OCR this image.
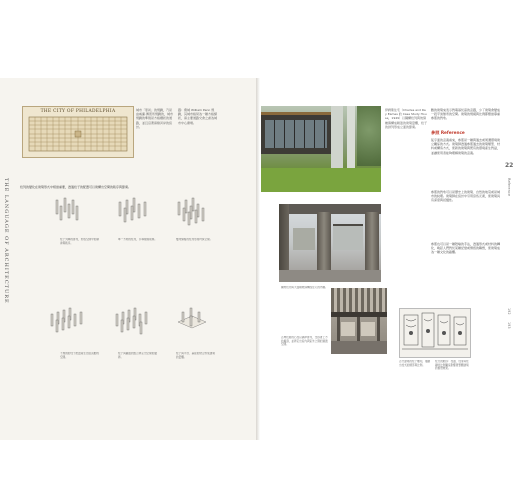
THE CITY OF PHILADELPHIA	城市「原初」的規劃，乃是由威廉·佩恩所規劃的，城市規劃的準則是方格柵狀的道路，並且沿著兩條河岸的設計。
圖：費城 William Penn 規劃，其城市格局為一種方格網狀，兩主要道路交會之處為城市中心廣場。
THE LANGUAGE OF ARCHITECTURE	柱列的變化在建築形式中相當重要，透過柱子的配置可以建構出空間的秩序與節奏。
柱子列陣的排列，形成空間中的韻律與秩序。
單一方向的柱列，引導視線前進。	雙向網格的柱列形成均質空間。
不規則的柱子配置產生自由流動的空間。
柱子與牆面的組合界定出空間的邊界。
柱子與平台、基座的結合形成建築的量體。
伊姆斯住宅（Charles and Ray Eames 的 Case Study House，1949）以鋼構柱列與玻璃帷幕構成輕盈的建築量體，柱子的排列形成立面的節奏。
鋼骨柱列與大面積玻璃構成住宅的外觀。
古典柱廊的石柱以韻律排列，支撐著上方的屋頂，並界定出室內與室外之間的過渡空間。
古代建築的柱子雕刻，描繪出柱式的細部與比例。
柱式的細部：柱頭、柱身與柱礎的比例關係影響著整體建築的視覺效果。
數的建築來表示對奠基於高的意圖，少了建築會變成一段平淡無奇的空間。建築的規模與比例都應當尊重參照的對象。
參照 Reference
從字面的意義看來，參照是一種與過去或周遭環境建立關係的方式。建築師透過參照過去的建築類型、材料或構造方式，使新的建築與既有的環境產生對話，並讓使用者能夠理解建築的意義。
參照的對象可以是歷史上的建築、自然的地景或是城市的紋理。建築師在設計中引用這些元素，使建築具有深度與延續性。
參照也可以是一種隱喻的手法，透過形式或材料的轉化，喚起人們對於某種記憶或情感的聯想，使建築成為一種文化的載體。
22
Reference
192
193
